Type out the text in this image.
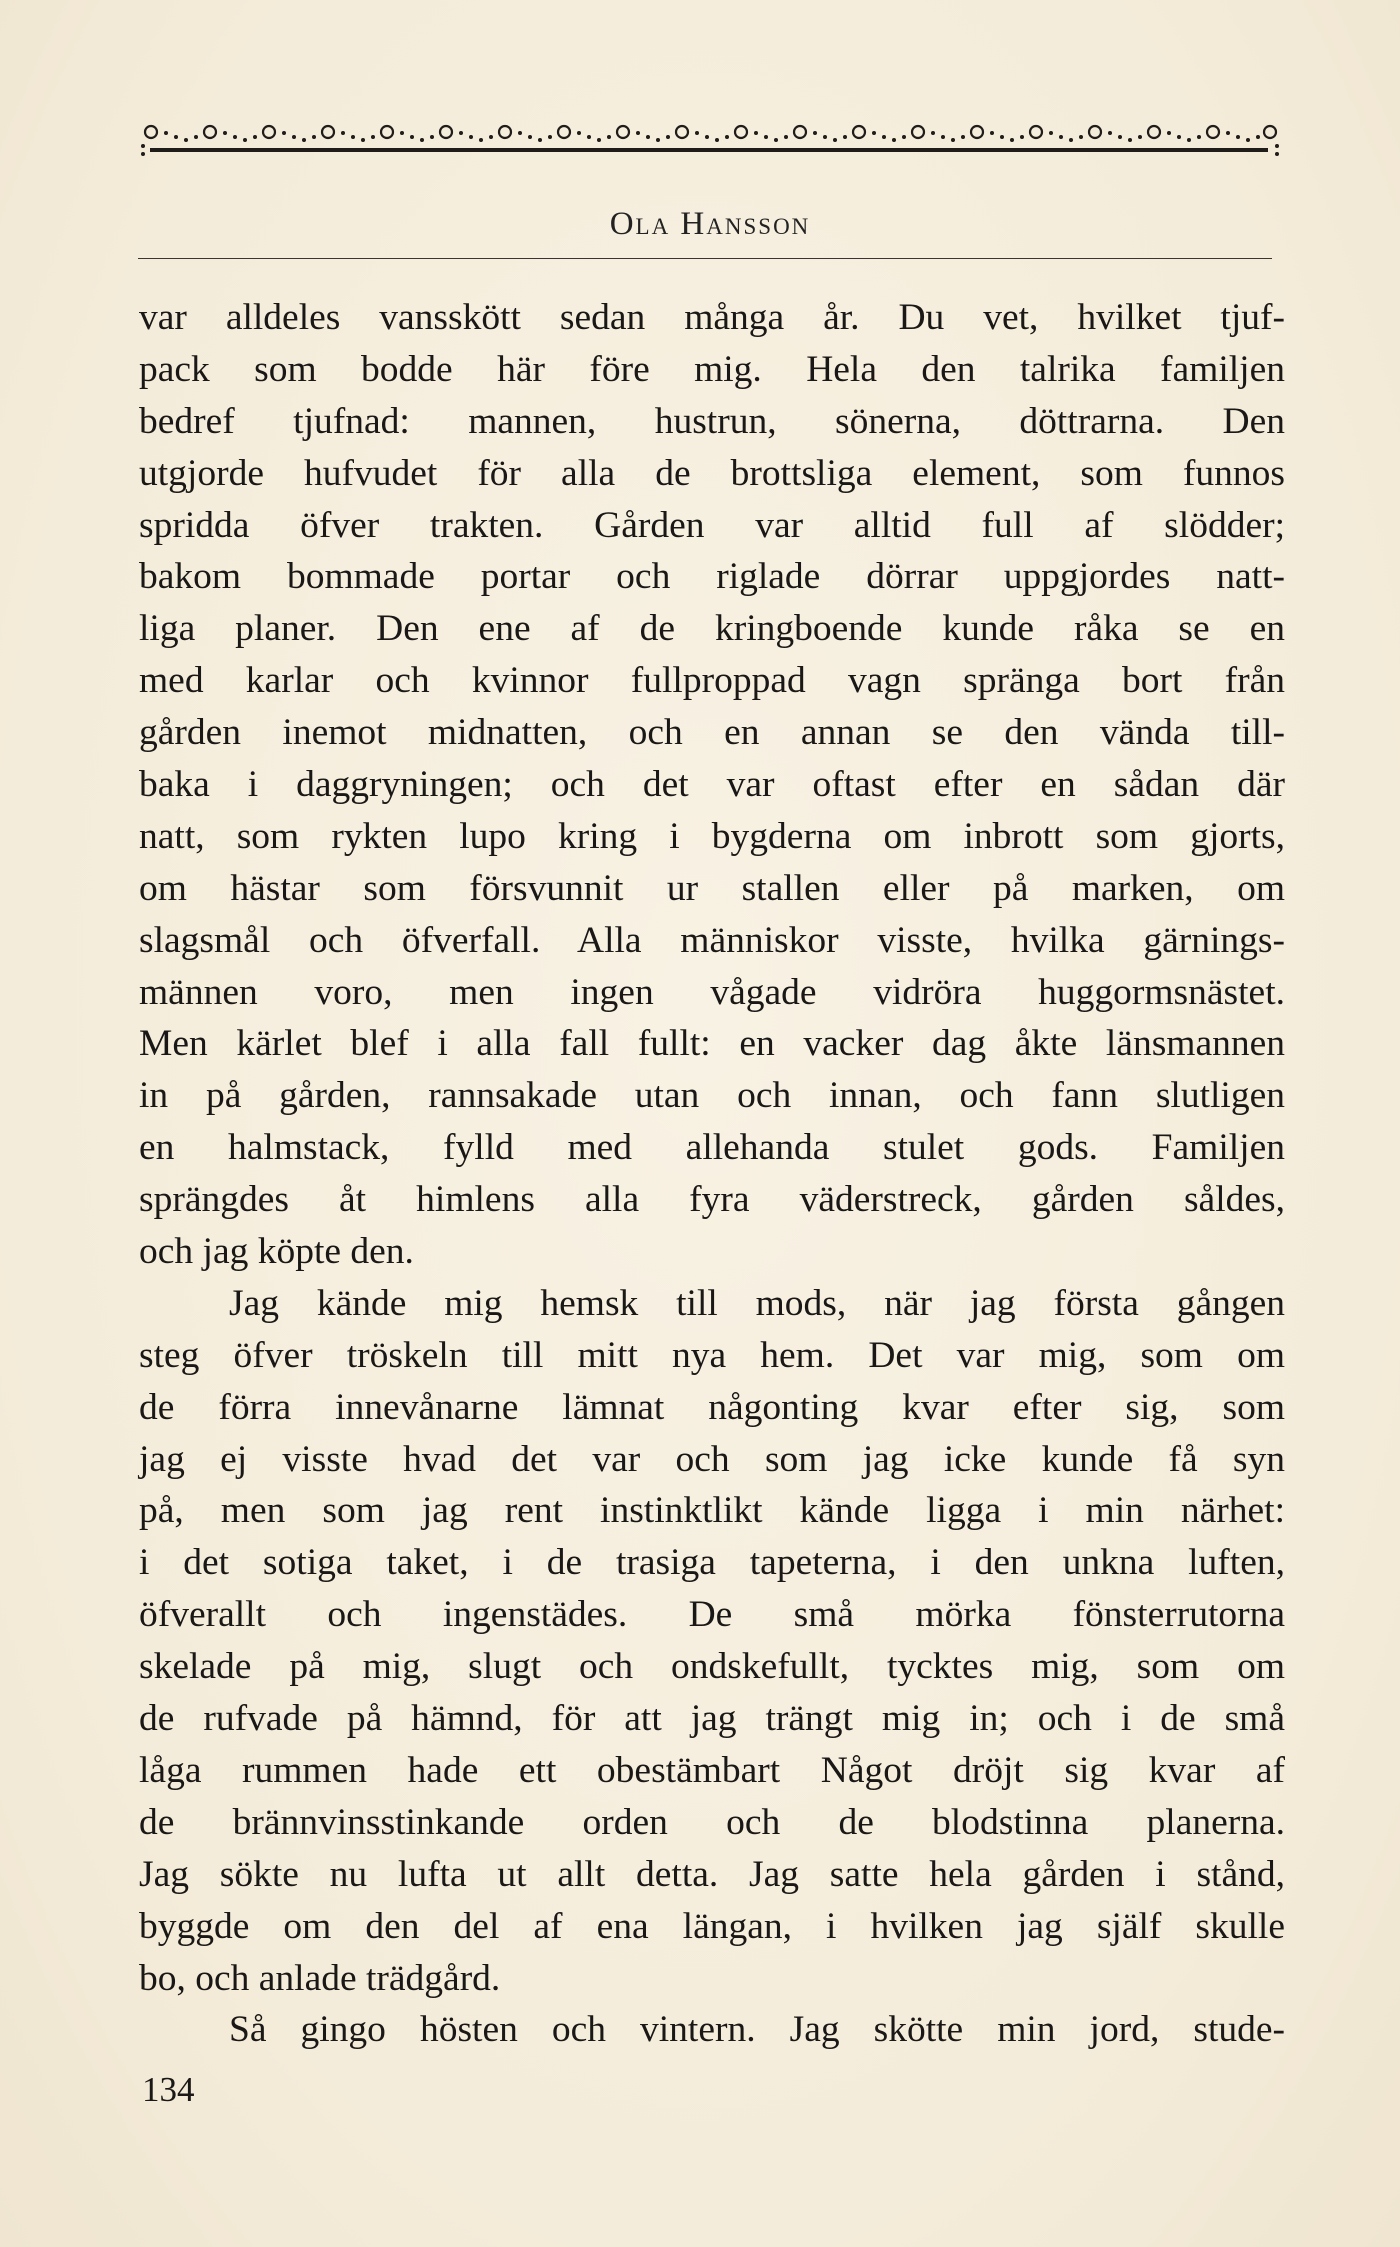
Ola Hansson
var alldeles vansskött sedan många år. Du vet, hvilket tjuf-
pack som bodde här före mig. Hela den talrika familjen
bedref tjufnad: mannen, hustrun, sönerna, döttrarna. Den
utgjorde hufvudet för alla de brottsliga element, som funnos
spridda öfver trakten. Gården var alltid full af slödder;
bakom bommade portar och riglade dörrar uppgjordes natt-
liga planer. Den ene af de kringboende kunde råka se en
med karlar och kvinnor fullproppad vagn spränga bort från
gården inemot midnatten, och en annan se den vända till-
baka i daggryningen; och det var oftast efter en sådan där
natt, som rykten lupo kring i bygderna om inbrott som gjorts,
om hästar som försvunnit ur stallen eller på marken, om
slagsmål och öfverfall. Alla människor visste, hvilka gärnings-
männen voro, men ingen vågade vidröra huggormsnästet.
Men kärlet blef i alla fall fullt: en vacker dag åkte länsmannen
in på gården, rannsakade utan och innan, och fann slutligen
en halmstack, fylld med allehanda stulet gods. Familjen
sprängdes åt himlens alla fyra väderstreck, gården såldes,
och jag köpte den.
Jag kände mig hemsk till mods, när jag första gången
steg öfver tröskeln till mitt nya hem. Det var mig, som om
de förra innevånarne lämnat någonting kvar efter sig, som
jag ej visste hvad det var och som jag icke kunde få syn
på, men som jag rent instinktlikt kände ligga i min närhet:
i det sotiga taket, i de trasiga tapeterna, i den unkna luften,
öfverallt och ingenstädes. De små mörka fönsterrutorna
skelade på mig, slugt och ondskefullt, tycktes mig, som om
de rufvade på hämnd, för att jag trängt mig in; och i de små
låga rummen hade ett obestämbart Något dröjt sig kvar af
de brännvinsstinkande orden och de blodstinna planerna.
Jag sökte nu lufta ut allt detta. Jag satte hela gården i stånd,
byggde om den del af ena längan, i hvilken jag själf skulle
bo, och anlade trädgård.
Så gingo hösten och vintern. Jag skötte min jord, stude-
134
